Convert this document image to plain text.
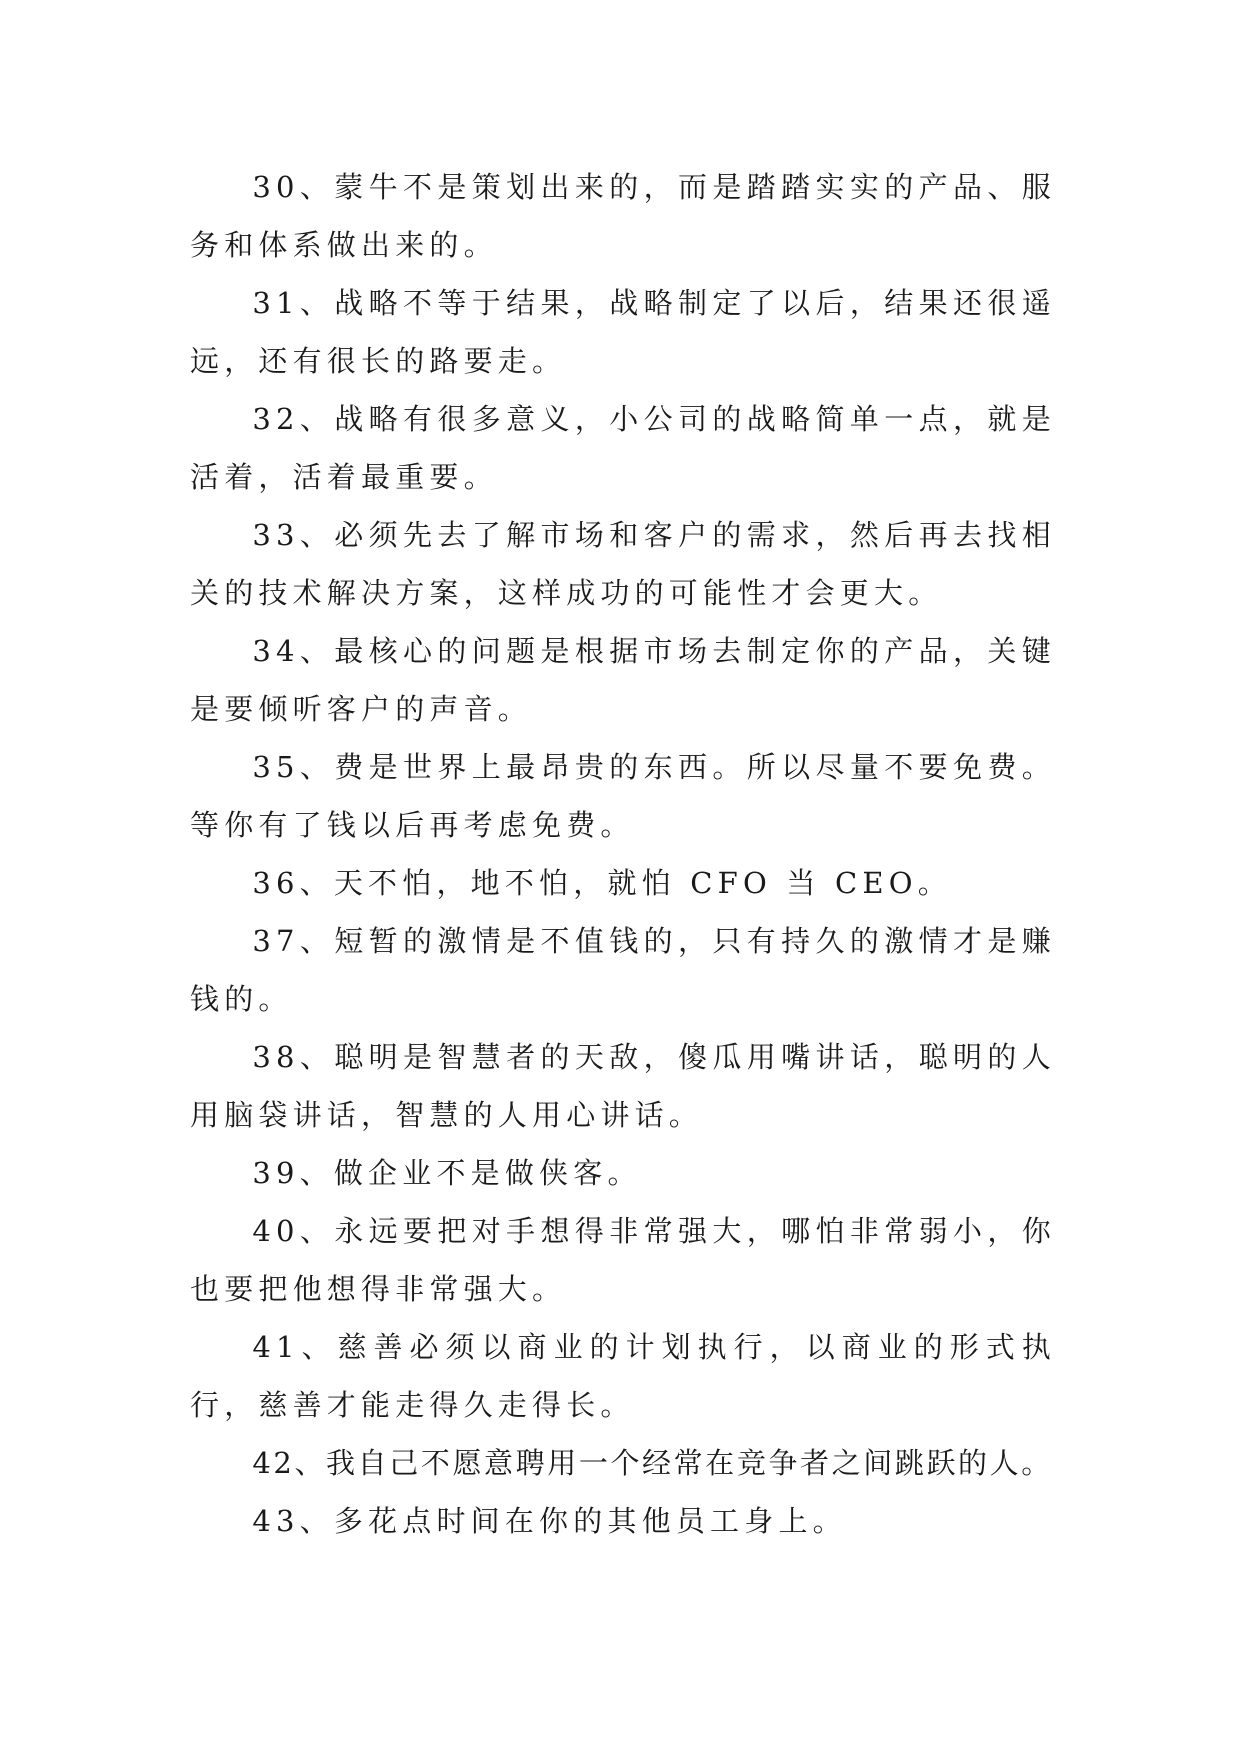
30、蒙牛不是策划出来的，而是踏踏实实的产品、服务和体系做出来的。

31、战略不等于结果，战略制定了以后，结果还很遥远，还有很长的路要走。

32、战略有很多意义，小公司的战略简单一点，就是活着，活着最重要。

33、必须先去了解市场和客户的需求，然后再去找相关的技术解决方案，这样成功的可能性才会更大。

34、最核心的问题是根据市场去制定你的产品，关键是要倾听客户的声音。

35、费是世界上最昂贵的东西。所以尽量不要免费。等你有了钱以后再考虑免费。

36、天不怕，地不怕，就怕 CFO 当 CEO。

37、短暂的激情是不值钱的，只有持久的激情才是赚钱的。

38、聪明是智慧者的天敌，傻瓜用嘴讲话，聪明的人用脑袋讲话，智慧的人用心讲话。

39、做企业不是做侠客。

40、永远要把对手想得非常强大，哪怕非常弱小，你也要把他想得非常强大。

41、慈善必须以商业的计划执行，以商业的形式执行，慈善才能走得久走得长。

42、我自己不愿意聘用一个经常在竞争者之间跳跃的人。

43、多花点时间在你的其他员工身上。
